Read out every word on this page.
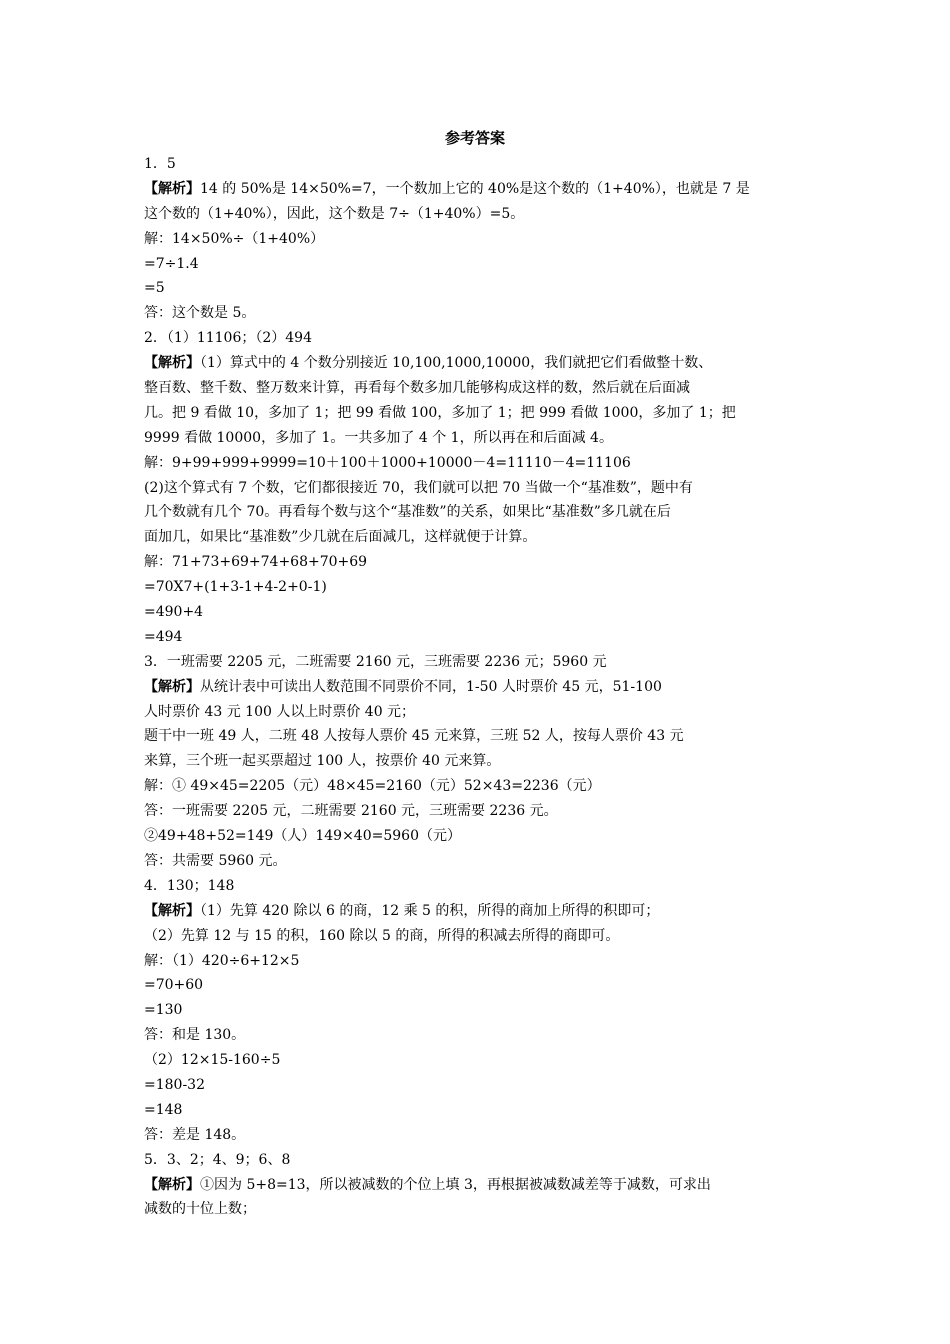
参考答案
1．5
【解析】14 的 50%是 14×50%=7，一个数加上它的 40%是这个数的（1+40%），也就是 7 是
这个数的（1+40%），因此，这个数是 7÷（1+40%）=5。
解：14×50%÷（1+40%）
=7÷1.4
=5
答：这个数是 5。
2．（1）11106；（2）494
【解析】（1）算式中的 4 个数分别接近 10,100,1000,10000，我们就把它们看做整十数、
整百数、整千数、整万数来计算，再看每个数多加几能够构成这样的数，然后就在后面减
几。把 9 看做 10，多加了 1；把 99 看做 100，多加了 1；把 999 看做 1000，多加了 1；把
9999 看做 10000，多加了 1。一共多加了 4 个 1，所以再在和后面减 4。
解：9+99+999+9999=10＋100＋1000+10000－4=11110－4=11106
(2)这个算式有 7 个数，它们都很接近 70，我们就可以把 70 当做一个“基准数”，题中有
几个数就有几个 70。再看每个数与这个“基准数”的关系，如果比“基准数”多几就在后
面加几，如果比“基准数”少几就在后面减几，这样就便于计算。
解：71+73+69+74+68+70+69
=70X7+(1+3-1+4-2+0-1)
=490+4
=494
3．一班需要 2205 元，二班需要 2160 元，三班需要 2236 元；5960 元
【解析】从统计表中可读出人数范围不同票价不同，1-50 人时票价 45 元，51-100
人时票价 43 元 100 人以上时票价 40 元；
题干中一班 49 人，二班 48 人按每人票价 45 元来算，三班 52 人，按每人票价 43 元
来算，三个班一起买票超过 100 人，按票价 40 元来算。
解：① 49×45=2205（元）48×45=2160（元）52×43=2236（元）
答：一班需要 2205 元，二班需要 2160 元，三班需要 2236 元。
②49+48+52=149（人）149×40=5960（元）
答：共需要 5960 元。
4．130；148
【解析】（1）先算 420 除以 6 的商，12 乘 5 的积，所得的商加上所得的积即可；
（2）先算 12 与 15 的积，160 除以 5 的商，所得的积减去所得的商即可。
解：（1）420÷6+12×5
=70+60
=130
答：和是 130。
（2）12×15-160÷5
=180-32
=148
答：差是 148。
5．3、2；4、9；6、8
【解析】①因为 5+8=13，所以被减数的个位上填 3，再根据被减数减差等于减数，可求出
减数的十位上数；
